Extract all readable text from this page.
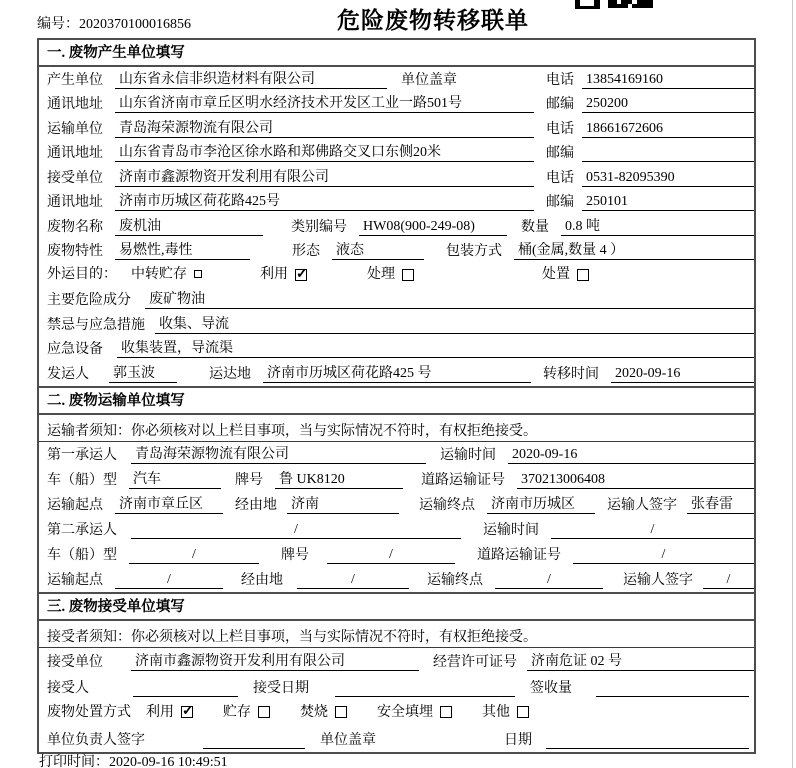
编号：2020370100016856	危险废物转移联单
一. 废物产生单位填写
产生单位 山东省永信非织造材料有限公司	单位盖章	电话 13854169160
通讯地址 山东省济南市章丘区明水经济技术开发区工业一路501号	邮编 250200
运输单位 青岛海荣源物流有限公司	电话 18661672606
通讯地址 山东省青岛市李沧区徐水路和郑佛路交叉口东侧20米	邮编
接受单位 济南市鑫源物资开发利用有限公司	电话 0531-82095390
通讯地址 济南市历城区荷花路425号	邮编 250101
废物名称 废机油	类别编号 HW08(900-249-08)	数量 0.8 吨
废物特性 易燃性,毒性	形态 液态	包装方式 桶(金属,数量 4 ）
外运目的： 中转贮存	利用 ✓	处理	处置
主要危险成分 废矿物油
禁忌与应急措施 收集、导流
应急设备 收集装置，导流渠
发运人 郭玉波	运达地 济南市历城区荷花路425 号	转移时间 2020-09-16
二. 废物运输单位填写
运输者须知：你必须核对以上栏目事项，当与实际情况不符时，有权拒绝接受。
第一承运人 青岛海荣源物流有限公司	运输时间 2020-09-16
车（船）型 汽车	牌号 鲁 UK8120	道路运输证号 370213006408
运输起点 济南市章丘区	经由地 济南	运输终点 济南市历城区	运输人签字 张春雷
第二承运人	/	运输时间	/
车（船）型	/	牌号	/	道路运输证号	/
运输起点	/	经由地	/	运输终点	/	运输人签字	/
三. 废物接受单位填写
接受者须知：你必须核对以上栏目事项，当与实际情况不符时，有权拒绝接受。
接受单位 济南市鑫源物资开发利用有限公司	经营许可证号 济南危证 02 号
接受人	接受日期	签收量
废物处置方式 利用 ✓	贮存	焚烧	安全填埋	其他
单位负责人签字	单位盖章	日期
打印时间：2020-09-16 10:49:51
